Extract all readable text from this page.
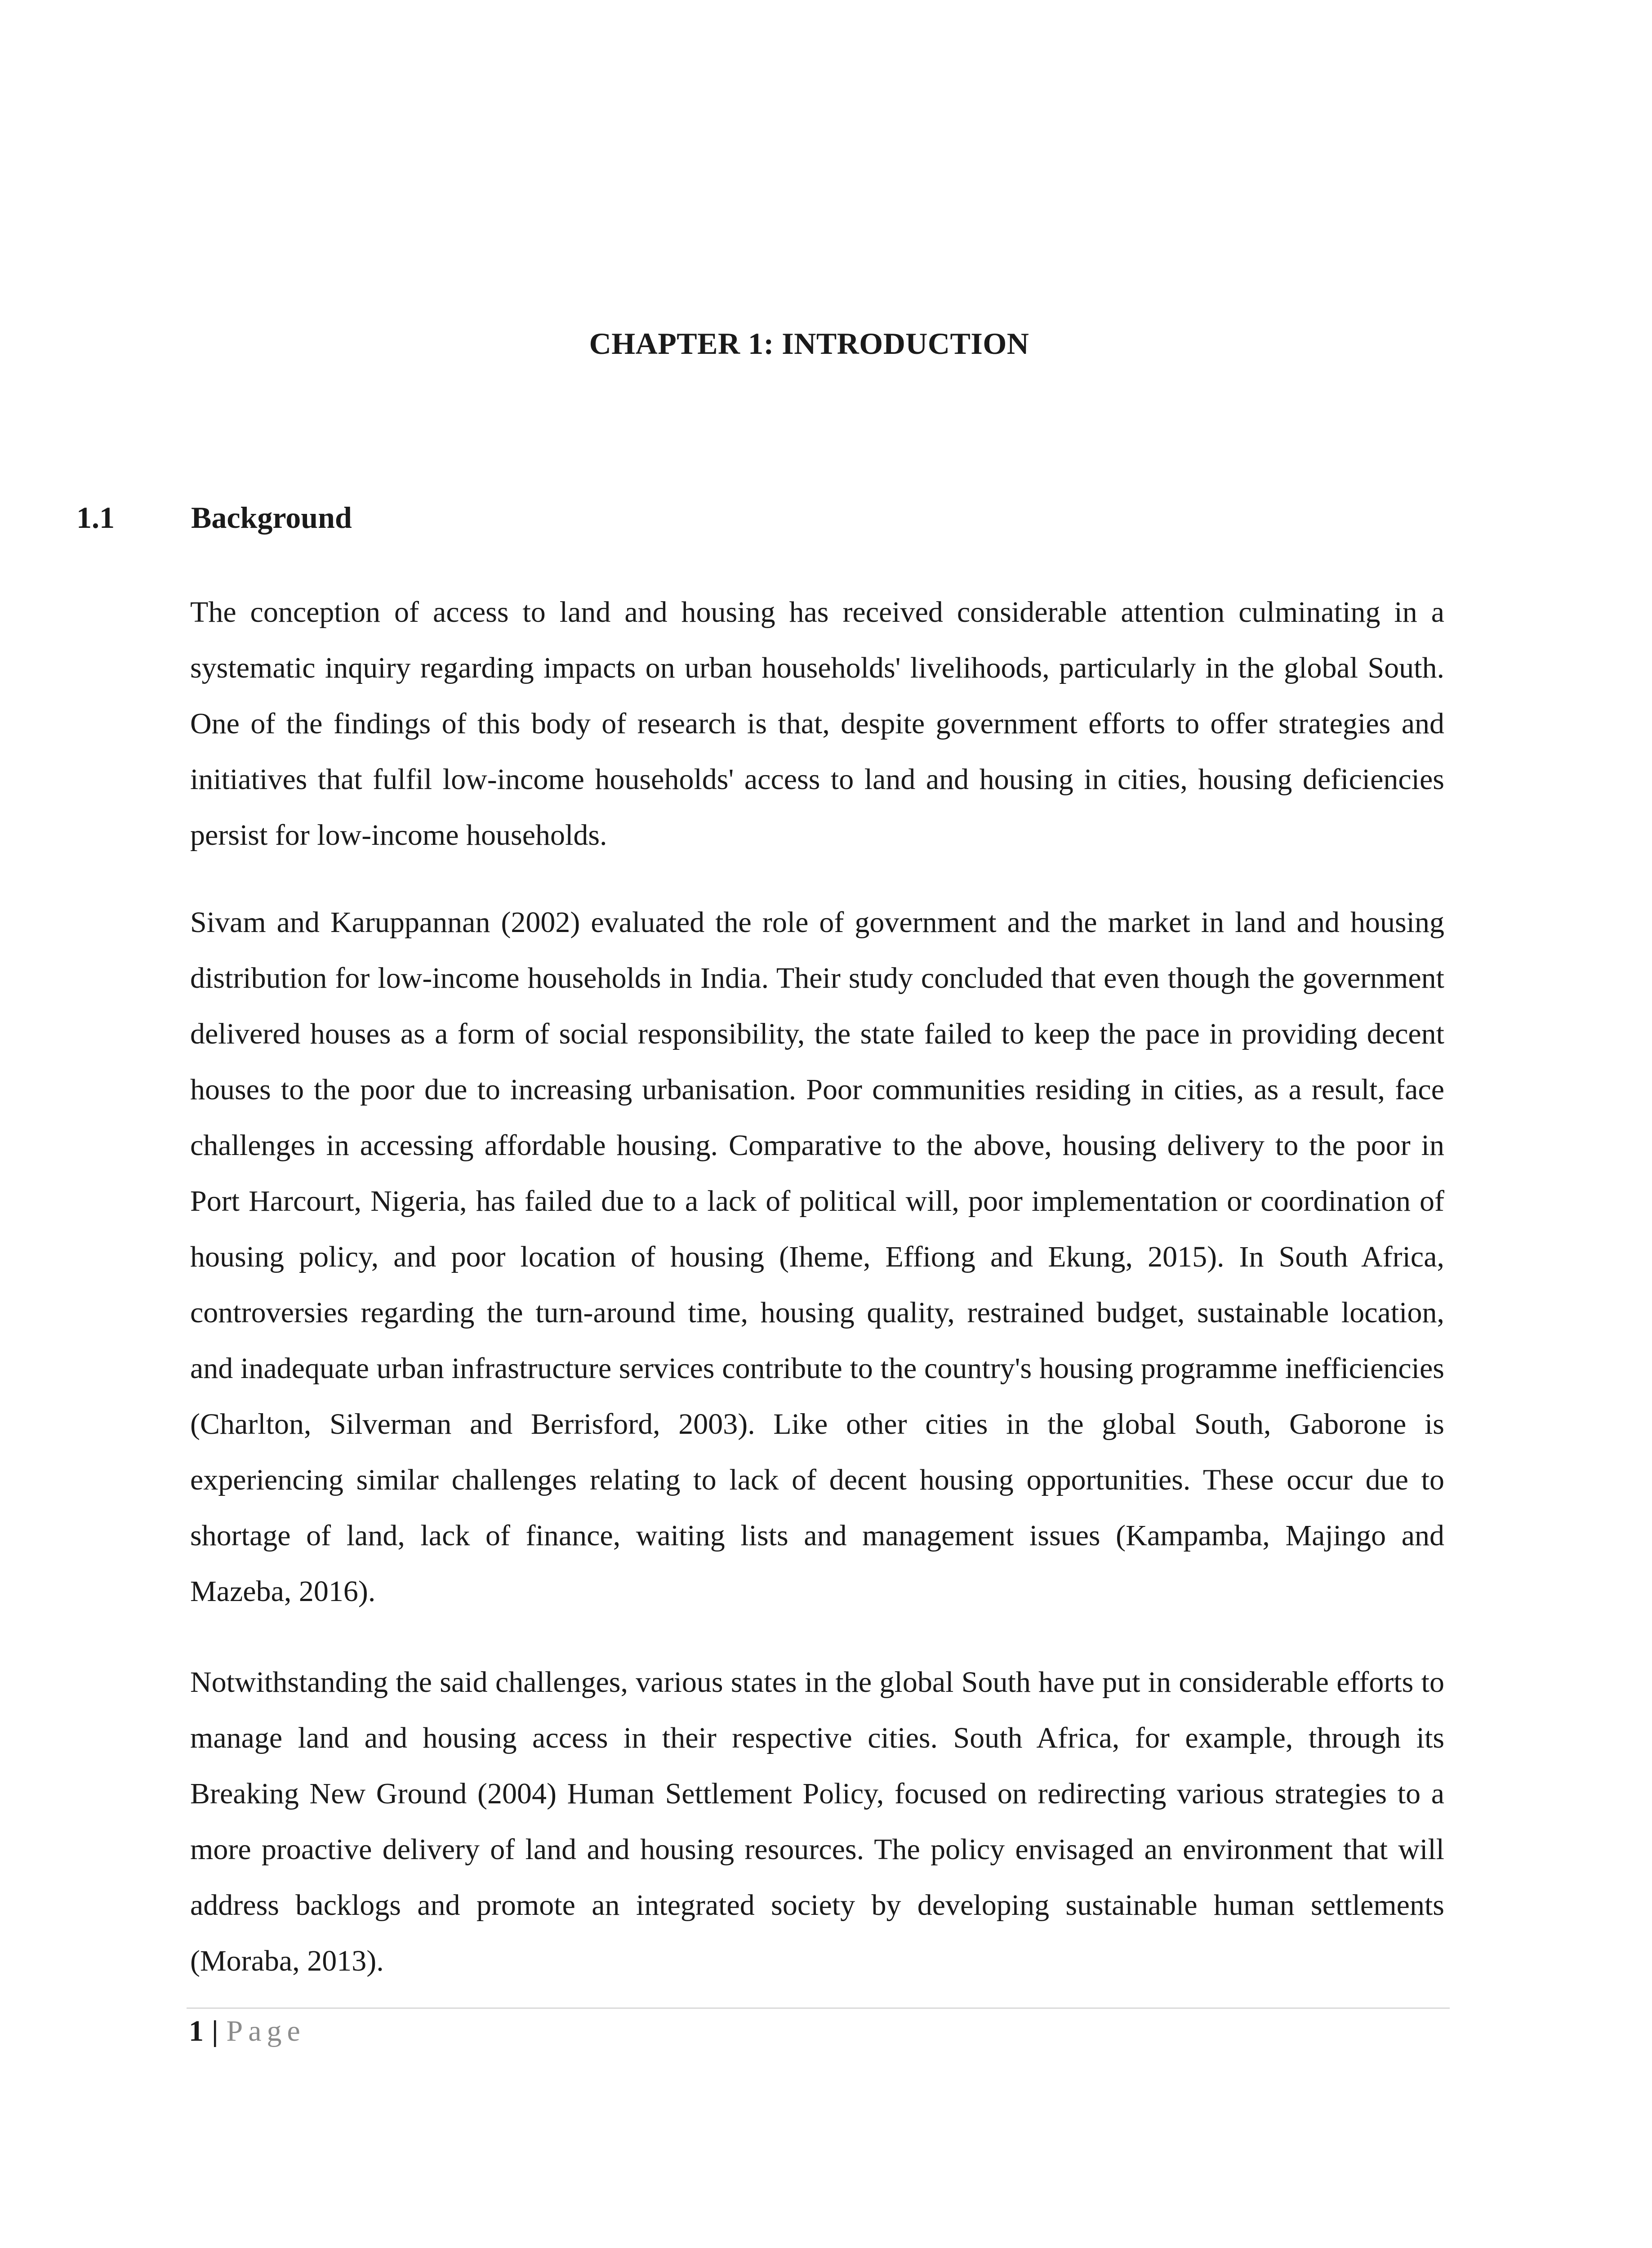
CHAPTER 1: INTRODUCTION
1.1	Background

The conception of access to land and housing has received considerable attention culminating in a systematic inquiry regarding impacts on urban households' livelihoods, particularly in the global South. One of the findings of this body of research is that, despite government efforts to offer strategies and initiatives that fulfil low-income households' access to land and housing in cities, housing deficiencies persist for low-income households.

Sivam and Karuppannan (2002) evaluated the role of government and the market in land and housing distribution for low-income households in India. Their study concluded that even though the government delivered houses as a form of social responsibility, the state failed to keep the pace in providing decent houses to the poor due to increasing urbanisation. Poor communities residing in cities, as a result, face challenges in accessing affordable housing. Comparative to the above, housing delivery to the poor in Port Harcourt, Nigeria, has failed due to a lack of political will, poor implementation or coordination of housing policy, and poor location of housing (Iheme, Effiong and Ekung, 2015). In South Africa, controversies regarding the turn-around time, housing quality, restrained budget, sustainable location, and inadequate urban infrastructure services contribute to the country's housing programme inefficiencies (Charlton, Silverman and Berrisford, 2003). Like other cities in the global South, Gaborone is experiencing similar challenges relating to lack of decent housing opportunities. These occur due to shortage of land, lack of finance, waiting lists and management issues (Kampamba, Majingo and Mazeba, 2016).

Notwithstanding the said challenges, various states in the global South have put in considerable efforts to manage land and housing access in their respective cities. South Africa, for example, through its Breaking New Ground (2004) Human Settlement Policy, focused on redirecting various strategies to a more proactive delivery of land and housing resources. The policy envisaged an environment that will address backlogs and promote an integrated society by developing sustainable human settlements (Moraba, 2013).

1 | Page
